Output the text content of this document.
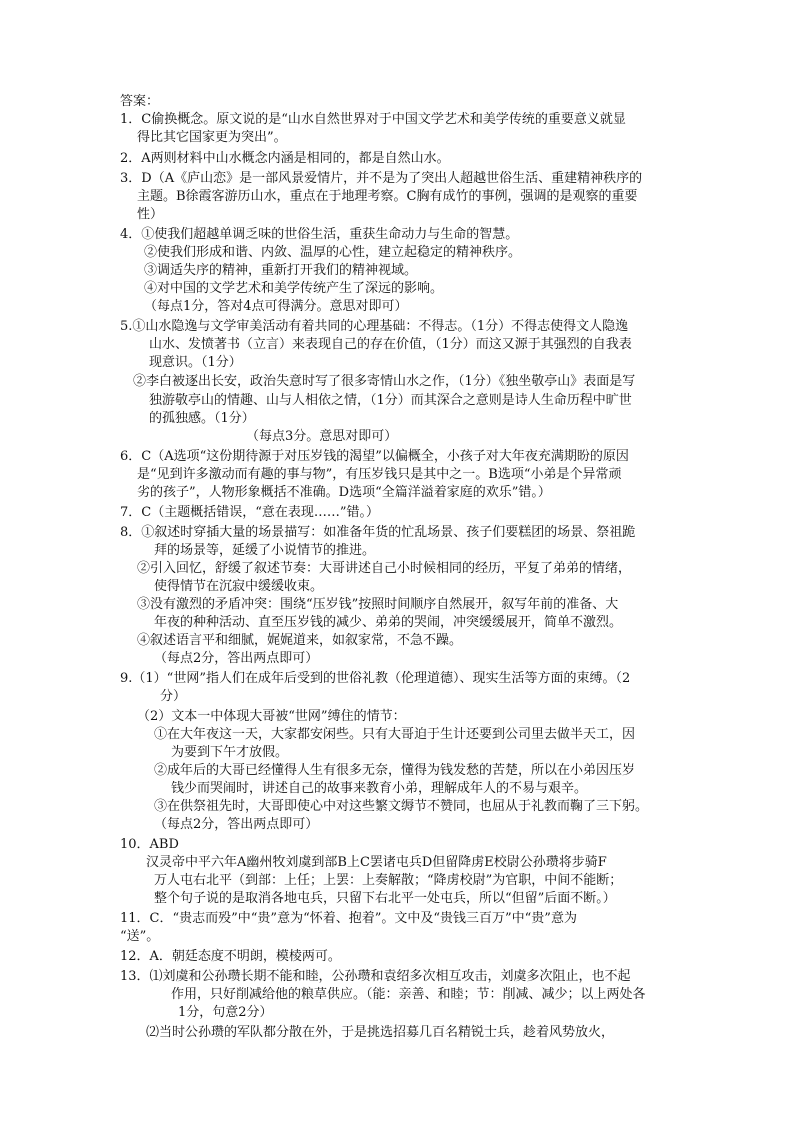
答案：
1．C偷换概念。原文说的是“山水自然世界对于中国文学艺术和美学传统的重要意义就显
得比其它国家更为突出”。
2．A两则材料中山水概念内涵是相同的，都是自然山水。
3．D（A《庐山恋》是一部风景爱情片，并不是为了突出人超越世俗生活、重建精神秩序的
主题。B徐霞客游历山水，重点在于地理考察。C胸有成竹的事例，强调的是观察的重要
性）
4．①使我们超越单调乏味的世俗生活，重获生命动力与生命的智慧。
②使我们形成和谐、内敛、温厚的心性，建立起稳定的精神秩序。
③调适失序的精神，重新打开我们的精神视域。
④对中国的文学艺术和美学传统产生了深远的影响。
（每点1分，答对4点可得满分。意思对即可）
5.①山水隐逸与文学审美活动有着共同的心理基础：不得志。（1分）不得志使得文人隐逸
山水、发愤著书（立言）来表现自己的存在价值，（1分）而这又源于其强烈的自我表
现意识。（1分）
②李白被逐出长安，政治失意时写了很多寄情山水之作，（1分）《独坐敬亭山》表面是写
独游敬亭山的情趣、山与人相依之情，（1分）而其深合之意则是诗人生命历程中旷世
的孤独感。（1分）
（每点3分。意思对即可）
6．C（A选项“这份期待源于对压岁钱的渴望”以偏概全，小孩子对大年夜充满期盼的原因
是“见到许多激动而有趣的事与物”，有压岁钱只是其中之一。B选项“小弟是个异常顽
劣的孩子”，人物形象概括不准确。D选项“全篇洋溢着家庭的欢乐”错。）
7．C（主题概括错误，“意在表现……”错。）
8．①叙述时穿插大量的场景描写：如准备年货的忙乱场景、孩子们要糕团的场景、祭祖跪
拜的场景等，延缓了小说情节的推进。
②引入回忆，舒缓了叙述节奏：大哥讲述自己小时候相同的经历，平复了弟弟的情绪，
使得情节在沉寂中缓缓收束。
③没有激烈的矛盾冲突：围绕“压岁钱”按照时间顺序自然展开，叙写年前的准备、大
年夜的种种活动、直至压岁钱的减少、弟弟的哭闹，冲突缓缓展开，简单不激烈。
④叙述语言平和细腻，娓娓道来，如叙家常，不急不躁。
（每点2分，答出两点即可）
9.（1）“世网”指人们在成年后受到的世俗礼教（伦理道德）、现实生活等方面的束缚。（2
分）
（2）文本一中体现大哥被“世网”缚住的情节：
①在大年夜这一天，大家都安闲些。只有大哥迫于生计还要到公司里去做半天工，因
为要到下午才放假。
②成年后的大哥已经懂得人生有很多无奈，懂得为钱发愁的苦楚，所以在小弟因压岁
钱少而哭闹时，讲述自己的故事来教育小弟，理解成年人的不易与艰辛。
③在供祭祖先时，大哥即使心中对这些繁文缛节不赞同，也屈从于礼教而鞠了三下躬。
（每点2分，答出两点即可）
10．ABD
汉灵帝中平六年A幽州牧刘虞到部B上C罢诸屯兵D但留降虏E校尉公孙瓒将步骑F
万人屯右北平（到部：上任；上罢：上奏解散；“降虏校尉”为官职，中间不能断；
整个句子说的是取消各地屯兵，只留下右北平一处屯兵，所以“但留”后面不断。）
11．C．“贵志而殁”中“贵”意为“怀着、抱着”。文中及“贵钱三百万”中“贵”意为
“送”。
12．A．朝廷态度不明朗，模棱两可。
13．⑴刘虞和公孙瓒长期不能和睦，公孙瓒和袁绍多次相互攻击，刘虞多次阻止，也不起
作用，只好削减给他的粮草供应。（能：亲善、和睦；节：削减、减少；以上两处各
1分，句意2分）
⑵当时公孙瓒的军队都分散在外，于是挑选招募几百名精锐士兵，趁着风势放火，
